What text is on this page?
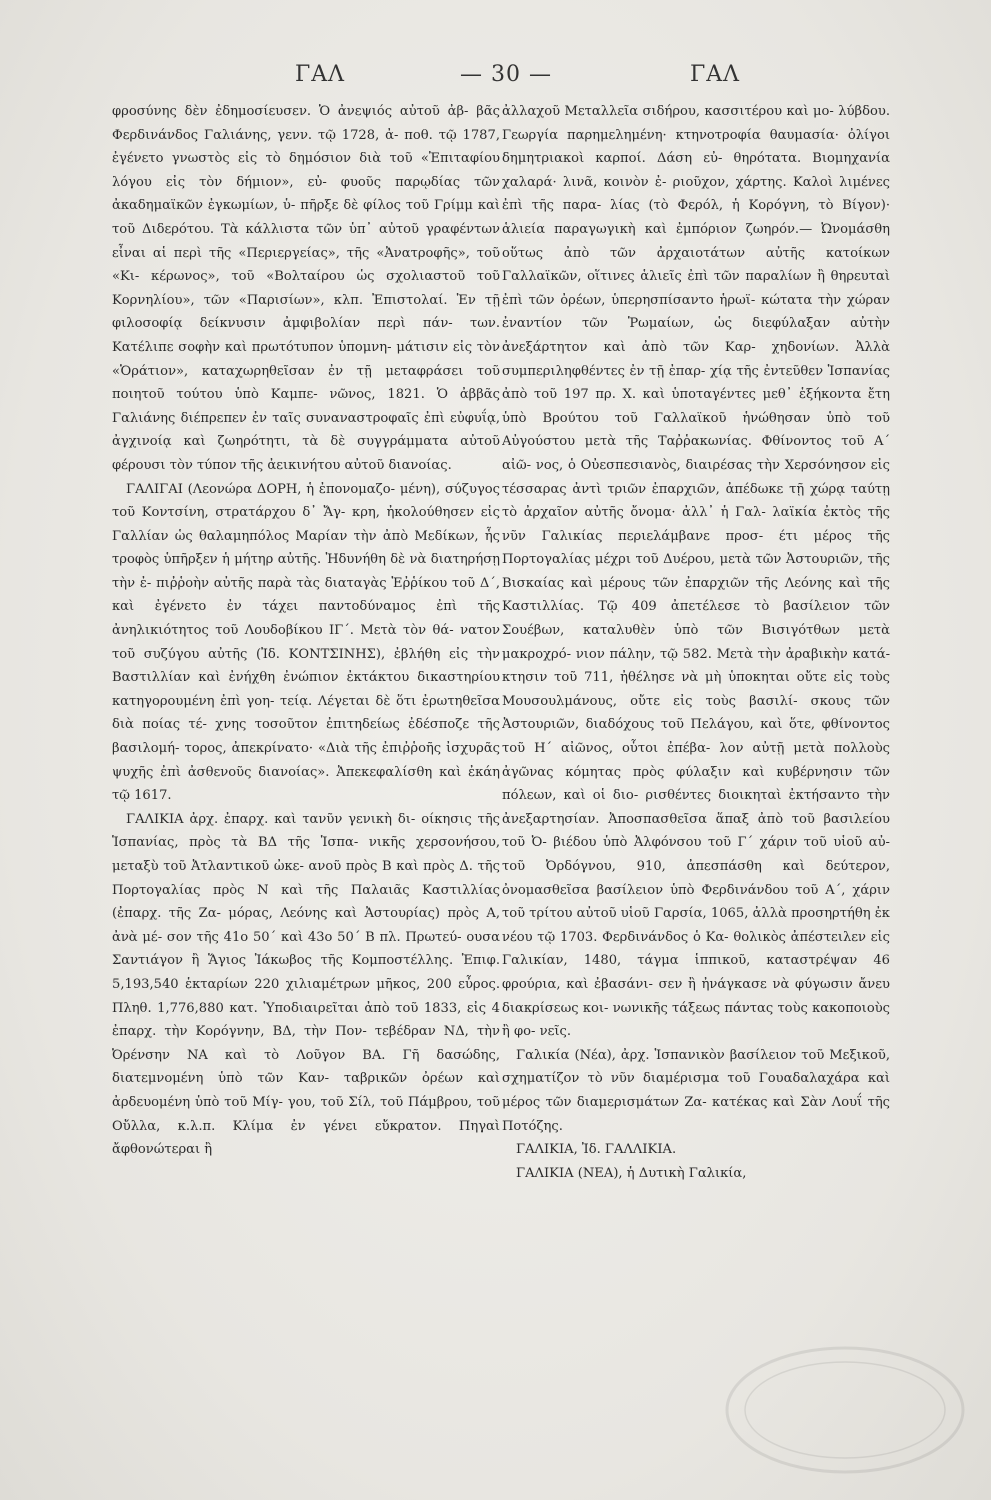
ΓΑΛ	— 30 —	ΓΑΛ

φροσύνης δὲν ἐδημοσίευσεν. Ὁ ἀνεψιός αὐτοῦ ἀβ- βᾶς Φερδινάνδος Γαλιάνης, γενν. τῷ 1728, ἀ- ποθ. τῷ 1787, ἐγένετο γνωστὸς εἰς τὸ δημόσιον διὰ τοῦ «Ἐπιταφίου λόγου εἰς τὸν δήμιον», εὐ- φυοῦς παρῳδίας τῶν ἀκαδημαϊκῶν ἐγκωμίων, ὑ- πῆρξε δὲ φίλος τοῦ Γρίμμ καὶ τοῦ Διδερότου. Τὰ κάλλιστα τῶν ὑπ᾽ αὐτοῦ γραφέντων εἶναι αἱ περὶ τῆς «Περιεργείας», τῆς «Ἀνατροφῆς», τοῦ «Κι- κέρωνος», τοῦ «Βολταίρου ὡς σχολιαστοῦ τοῦ Κορνηλίου», τῶν «Παρισίων», κλπ. Ἐπιστολαί. Ἐν τῇ φιλοσοφίᾳ δείκνυσιν ἀμφιβολίαν περὶ πάν- των. Κατέλιπε σοφὴν καὶ πρωτότυπον ὑπομνη- μάτισιν εἰς τὸν «Ὁράτιον», καταχωρηθεῖσαν ἐν τῇ μεταφράσει τοῦ ποιητοῦ τούτου ὑπὸ Καμπε- νῶνος, 1821. Ὁ ἀββᾶς Γαλιάνης διέπρεπεν ἐν ταῖς συναναστροφαῖς ἐπὶ εὐφυΐᾳ, ἀγχινοίᾳ καὶ ζωηρότητι, τὰ δὲ συγγράμματα αὐτοῦ φέρουσι τὸν τύπον τῆς ἀεικινήτου αὐτοῦ διανοίας.

ΓΑΛΙΓΑΙ (Λεονώρα ΔΟΡΗ, ἡ ἐπονομαζο- μένη), σύζυγος τοῦ Κοντσίνη, στρατάρχου δ᾽ Ἄγ- κρη, ἠκολούθησεν εἰς Γαλλίαν ὡς θαλαμηπόλος Μαρίαν τὴν ἀπὸ Μεδίκων, ἧς τροφὸς ὑπῆρξεν ἡ μήτηρ αὐτῆς. Ἠδυνήθη δὲ νὰ διατηρήσῃ τὴν ἐ- πιῤῥοὴν αὐτῆς παρὰ τὰς διαταγὰς Ἐῤῥίκου τοῦ Δ΄, καὶ ἐγένετο ἐν τάχει παντοδύναμος ἐπὶ τῆς ἀνηλικιότητος τοῦ Λουδοβίκου ΙΓ΄. Μετὰ τὸν θά- νατον τοῦ συζύγου αὐτῆς (Ἰδ. ΚΟΝΤΣΙΝΗΣ), ἐβλήθη εἰς τὴν Βαστιλλίαν καὶ ἐνήχθη ἐνώπιον ἐκτάκτου δικαστηρίου κατηγορουμένη ἐπὶ γοη- τείᾳ. Λέγεται δὲ ὅτι ἐρωτηθεῖσα διὰ ποίας τέ- χνης τοσοῦτον ἐπιτηδείως ἐδέσποζε τῆς βασιλομή- τορος, ἀπεκρίνατο· «Διὰ τῆς ἐπιῤῥοῆς ἰσχυρᾶς ψυχῆς ἐπὶ ἀσθενοῦς διανοίας». Ἀπεκεφαλίσθη καὶ ἐκάη τῷ 1617.

ΓΑΛΙΚΙΑ ἀρχ. ἐπαρχ. καὶ τανῦν γενικὴ δι- οίκησις τῆς Ἱσπανίας, πρὸς τὰ ΒΔ τῆς Ἱσπα- νικῆς χερσονήσου, μεταξὺ τοῦ Ἀτλαντικοῦ ὠκε- ανοῦ πρὸς Β καὶ πρὸς Δ. τῆς Πορτογαλίας πρὸς Ν καὶ τῆς Παλαιᾶς Καστιλλίας (ἐπαρχ. τῆς Ζα- μόρας, Λεόνης καὶ Ἀστουρίας) πρὸς Α, ἀνὰ μέ- σον τῆς 41ο 50΄ καὶ 43ο 50΄ Β πλ. Πρωτεύ- ουσα Σαντιάγον ἢ Ἅγιος Ἰάκωβος τῆς Κομποστέλλης. Ἐπιφ. 5,193,540 ἑκταρίων 220 χιλιαμέτρων μῆκος, 200 εὖρος. Πληθ. 1,776,880 κατ. Ὑποδιαιρεῖται ἀπὸ τοῦ 1833, εἰς 4 ἐπαρχ. τὴν Κορόγνην, ΒΔ, τὴν Πον- τεβέδραν ΝΔ, τὴν Ὀρένσην ΝΑ καὶ τὸ Λοῦγον ΒΑ. Γῆ δασώδης, διατεμνομένη ὑπὸ τῶν Καν- ταβρικῶν ὀρέων καὶ ἀρδευομένη ὑπὸ τοῦ Μίγ- γου, τοῦ Σίλ, τοῦ Πάμβρου, τοῦ Οὔλλα, κ.λ.π. Κλίμα ἐν γένει εὔκρατον. Πηγαὶ ἄφθονώτεραι ἢ

ἀλλαχοῦ Μεταλλεῖα σιδήρου, κασσιτέρου καὶ μο- λύβδου. Γεωργία παρημελημένη· κτηνοτροφία θαυμασία· ὀλίγοι δημητριακοὶ καρποί. Δάση εὐ- θηρότατα. Βιομηχανία χαλαρά· λινᾶ, κοινὸν ἐ- ριοῦχον, χάρτης. Καλοὶ λιμένες ἐπὶ τῆς παρα- λίας (τὸ Φερόλ, ἡ Κορόγνη, τὸ Βίγον)· ἁλιεία παραγωγικὴ καὶ ἐμπόριον ζωηρόν.— Ὠνομάσθη οὕτως ἀπὸ τῶν ἀρχαιοτάτων αὐτῆς κατοίκων Γαλλαϊκῶν, οἵτινες ἁλιεῖς ἐπὶ τῶν παραλίων ἢ θηρευταὶ ἐπὶ τῶν ὀρέων, ὑπερησπίσαντο ἡρωϊ- κώτατα τὴν χώραν ἐναντίον τῶν Ῥωμαίων, ὡς διεφύλαξαν αὐτὴν ἀνεξάρτητον καὶ ἀπὸ τῶν Καρ- χηδονίων. Ἀλλὰ συμπεριληφθέντες ἐν τῇ ἐπαρ- χίᾳ τῆς ἐντεῦθεν Ἱσπανίας ἀπὸ τοῦ 197 πρ. Χ. καὶ ὑποταγέντες μεθ᾽ ἑξήκοντα ἔτη ὑπὸ Βρούτου τοῦ Γαλλαϊκοῦ ἡνώθησαν ὑπὸ τοῦ Αὐγούστου μετὰ τῆς Ταῤῥακωνίας. Φθίνοντος τοῦ Α΄ αἰῶ- νος, ὁ Οὐεσπεσιανὸς, διαιρέσας τὴν Χερσόνησον εἰς τέσσαρας ἀντὶ τριῶν ἐπαρχιῶν, ἀπέδωκε τῇ χώρᾳ ταύτῃ τὸ ἀρχαῖον αὐτῆς ὄνομα· ἀλλ᾽ ἡ Γαλ- λαϊκία ἐκτὸς τῆς νῦν Γαλικίας περιελάμβανε προσ- έτι μέρος τῆς Πορτογαλίας μέχρι τοῦ Δυέρου, μετὰ τῶν Ἀστουριῶν, τῆς Βισκαίας καὶ μέρους τῶν ἐπαρχιῶν τῆς Λεόνης καὶ τῆς Καστιλλίας. Τῷ 409 ἀπετέλεσε τὸ βασίλειον τῶν Σουέβων, καταλυθὲν ὑπὸ τῶν Βισιγότθων μετὰ μακροχρό- νιον πάλην, τῷ 582. Μετὰ τὴν ἀραβικὴν κατά- κτησιν τοῦ 711, ἠθέλησε νὰ μὴ ὑποκηται οὔτε εἰς τοὺς Μουσουλμάνους, οὔτε εἰς τοὺς βασιλί- σκους τῶν Ἀστουριῶν, διαδόχους τοῦ Πελάγου, καὶ ὅτε, φθίνοντος τοῦ Η΄ αἰῶνος, οὗτοι ἐπέβα- λον αὐτῇ μετὰ πολλοὺς ἀγῶνας κόμητας πρὸς φύλαξιν καὶ κυβέρνησιν τῶν πόλεων, καὶ οἱ διο- ρισθέντες διοικηταὶ ἐκτήσαντο τὴν ἀνεξαρτησίαν. Ἀποσπασθεῖσα ἅπαξ ἀπὸ τοῦ βασιλείου τοῦ Ὀ- βιέδου ὑπὸ Ἀλφόνσου τοῦ Γ΄ χάριν τοῦ υἱοῦ αὐ- τοῦ Ὀρδόγνου, 910, ἀπεσπάσθη καὶ δεύτερον, ὀνομασθεῖσα βασίλειον ὑπὸ Φερδινάνδου τοῦ Α΄, χάριν τοῦ τρίτου αὐτοῦ υἱοῦ Γαρσία, 1065, ἀλλὰ προσηρτήθη ἐκ νέου τῷ 1703. Φερδινάνδος ὁ Κα- θολικὸς ἀπέστειλεν εἰς Γαλικίαν, 1480, τάγμα ἱππικοῦ, καταστρέψαν 46 φρούρια, καὶ ἐβασάνι- σεν ἢ ἠνάγκασε νὰ φύγωσιν ἄνευ διακρίσεως κοι- νωνικῆς τάξεως πάντας τοὺς κακοποιοὺς ἢ φο- νεῖς.

Γαλικία (Νέα), ἀρχ. Ἱσπανικὸν βασίλειον τοῦ Μεξικοῦ, σχηματίζον τὸ νῦν διαμέρισμα τοῦ Γουαδαλαχάρα καὶ μέρος τῶν διαμερισμάτων Ζα- κατέκας καὶ Σὰν Λουΐ τῆς Ποτόζης.

ΓΑΛΙΚΙΑ, Ἰδ. ΓΑΛΛΙΚΙΑ.

ΓΑΛΙΚΙΑ (ΝΕΑ), ἡ Δυτικὴ Γαλικία,
